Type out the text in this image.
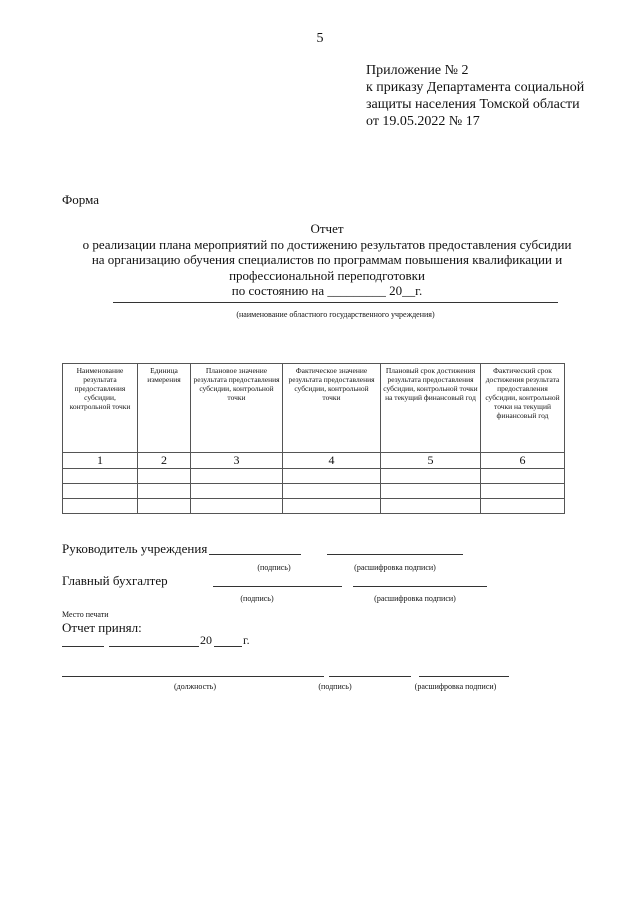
5
Приложение № 2
к приказу Департамента социальной
защиты населения Томской области
от 19.05.2022 № 17
Форма
Отчет
о реализации плана мероприятий по достижению результатов предоставления субсидии
на организацию обучения специалистов по программам повышения квалификации и
профессиональной переподготовки
по состоянию на _________ 20__г.
(наименование областного государственного учреждения)
Наименование результата предоставления субсидии, контрольной точки	Единица измерения	Плановое значение результата предоставления субсидии, контрольной точки	Фактическое значение результата предоставления субсидии, контрольной точки	Плановый срок достижения результата предоставления субсидии, контрольной точки на текущий финансовый год	Фактический срок достижения результата предоставления субсидии, контрольной точки на текущий финансовый год
1	2	3	4	5	6

Руководитель учреждения
(подпись)	(расшифровка подписи)
Главный бухгалтер
(подпись)	(расшифровка подписи)
Место печати
Отчет принял:
20	г.
(должность)	(подпись)	(расшифровка подписи)
